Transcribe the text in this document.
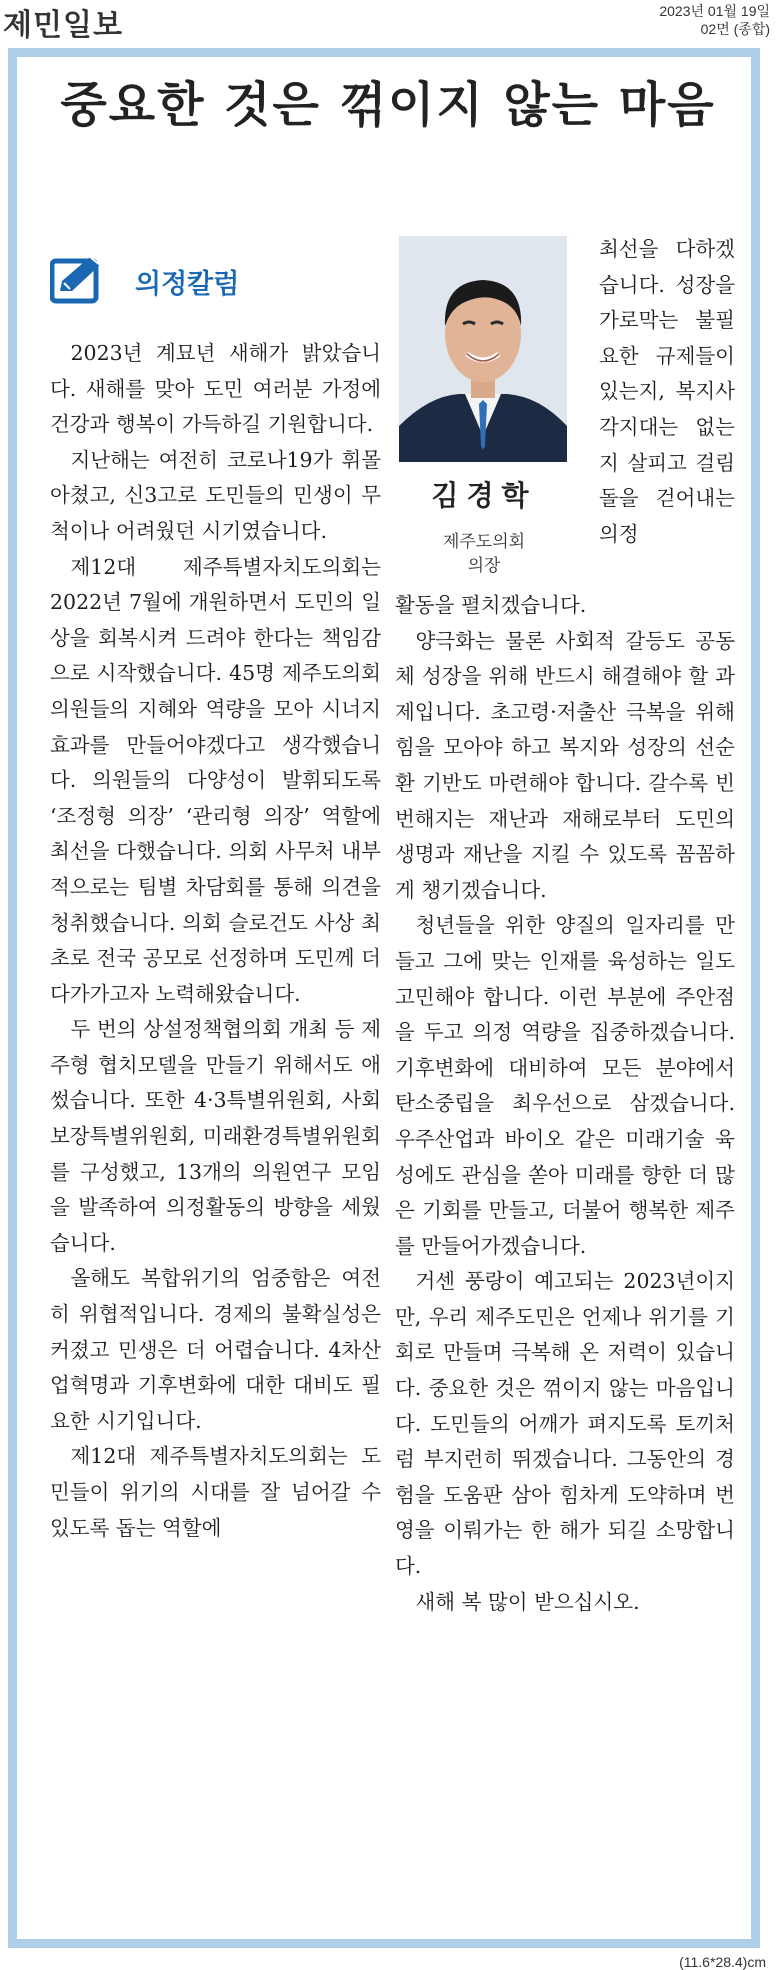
제민일보	2023년 01월 19일
02면 (종합)
중요한 것은 꺾이지 않는 마음
의정칼럼
김경학
제주도의회
의장

2023년 계묘년 새해가 밝았습니다. 새해를 맞아 도민 여러분 가정에 건강과 행복이 가득하길 기원합니다.

지난해는 여전히 코로나19가 휘몰아쳤고, 신3고로 도민들의 민생이 무척이나 어려웠던 시기였습니다.

제12대 제주특별자치도의회는 2022년 7월에 개원하면서 도민의 일상을 회복시켜 드려야 한다는 책임감으로 시작했습니다. 45명 제주도의회 의원들의 지혜와 역량을 모아 시너지 효과를 만들어야겠다고 생각했습니다. 의원들의 다양성이 발휘되도록 ‘조정형 의장’ ‘관리형 의장’ 역할에 최선을 다했습니다. 의회 사무처 내부적으로는 팀별 차담회를 통해 의견을 청취했습니다. 의회 슬로건도 사상 최초로 전국 공모로 선정하며 도민께 더 다가가고자 노력해왔습니다.

두 번의 상설정책협의회 개최 등 제주형 협치모델을 만들기 위해서도 애썼습니다. 또한 4·3특별위원회, 사회보장특별위원회, 미래환경특별위원회를 구성했고, 13개의 의원연구 모임을 발족하여 의정활동의 방향을 세웠습니다.

올해도 복합위기의 엄중함은 여전히 위협적입니다. 경제의 불확실성은 커졌고 민생은 더 어렵습니다. 4차산업혁명과 기후변화에 대한 대비도 필요한 시기입니다.

제12대 제주특별자치도의회는 도민들이 위기의 시대를 잘 넘어갈 수 있도록 돕는 역할에

최선을 다하겠습니다. 성장을 가로막는 불필요한 규제들이 있는지, 복지사각지대는 없는지 살피고 걸림돌을 걷어내는 의정

활동을 펼치겠습니다.

양극화는 물론 사회적 갈등도 공동체 성장을 위해 반드시 해결해야 할 과제입니다. 초고령·저출산 극복을 위해 힘을 모아야 하고 복지와 성장의 선순환 기반도 마련해야 합니다. 갈수록 빈번해지는 재난과 재해로부터 도민의 생명과 재난을 지킬 수 있도록 꼼꼼하게 챙기겠습니다.

청년들을 위한 양질의 일자리를 만들고 그에 맞는 인재를 육성하는 일도 고민해야 합니다. 이런 부분에 주안점을 두고 의정 역량을 집중하겠습니다. 기후변화에 대비하여 모든 분야에서 탄소중립을 최우선으로 삼겠습니다. 우주산업과 바이오 같은 미래기술 육성에도 관심을 쏟아 미래를 향한 더 많은 기회를 만들고, 더불어 행복한 제주를 만들어가겠습니다.

거센 풍랑이 예고되는 2023년이지만, 우리 제주도민은 언제나 위기를 기회로 만들며 극복해 온 저력이 있습니다. 중요한 것은 꺾이지 않는 마음입니다. 도민들의 어깨가 펴지도록 토끼처럼 부지런히 뛰겠습니다. 그동안의 경험을 도움판 삼아 힘차게 도약하며 번영을 이뤄가는 한 해가 되길 소망합니다.

새해 복 많이 받으십시오.

(11.6*28.4)cm
